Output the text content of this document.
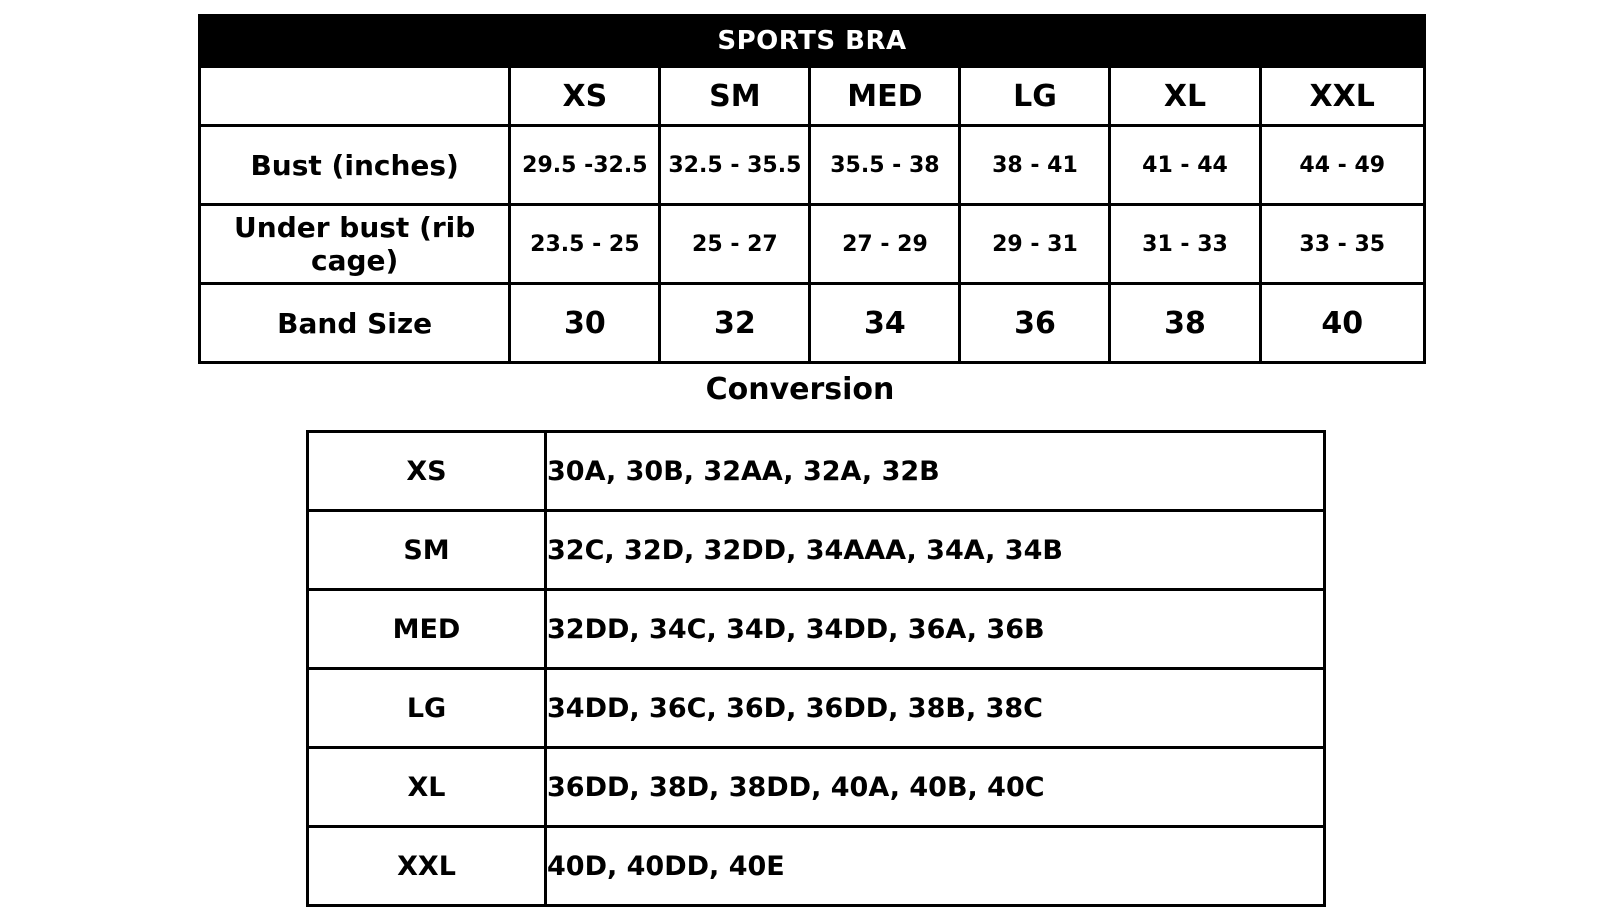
SPORTS BRA						
	XS	SM	MED	LG	XL	XXL
Bust (inches)	29.5 -32.5	32.5 - 35.5	35.5 - 38	38 - 41	41 - 44	44 - 49
Under bust (rib cage)	23.5 - 25	25 - 27	27 - 29	29 - 31	31 - 33	33 - 35
Band Size	30	32	34	36	38	40
Conversion
XS	30A, 30B, 32AA, 32A, 32B
SM	32C, 32D, 32DD, 34AAA, 34A, 34B
MED	32DD, 34C, 34D, 34DD, 36A, 36B
LG	34DD, 36C, 36D, 36DD, 38B, 38C
XL	36DD, 38D, 38DD, 40A, 40B, 40C
XXL	40D, 40DD, 40E
